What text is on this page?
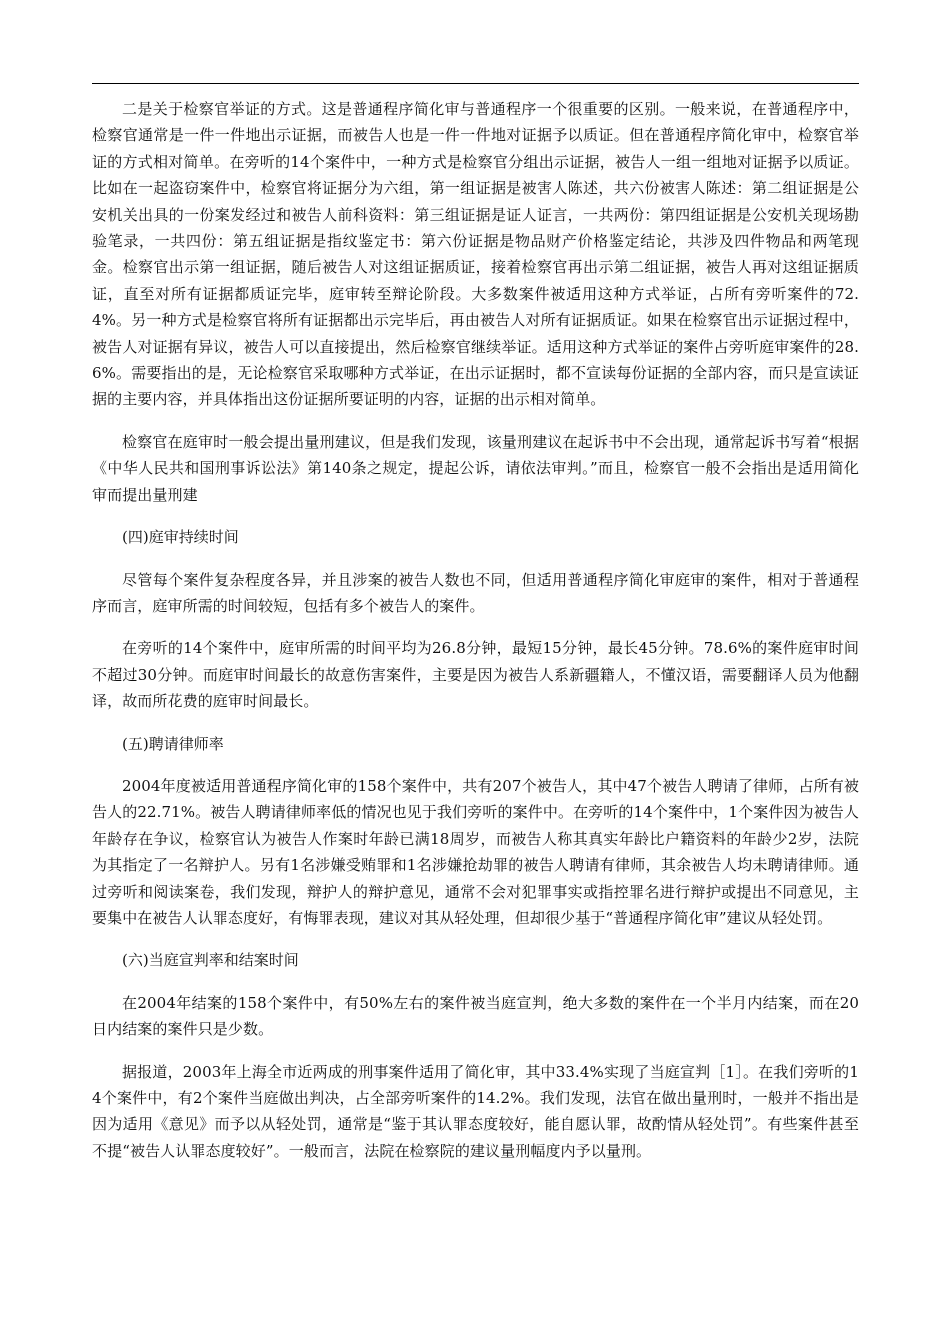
二是关于检察官举证的方式。这是普通程序简化审与普通程序一个很重要的区别。一般来说，在普通程序中，检察官通常是一件一件地出示证据，而被告人也是一件一件地对证据予以质证。但在普通程序简化审中，检察官举证的方式相对简单。在旁听的14个案件中，一种方式是检察官分组出示证据，被告人一组一组地对证据予以质证。比如在一起盗窃案件中，检察官将证据分为六组，第一组证据是被害人陈述，共六份被害人陈述：第二组证据是公安机关出具的一份案发经过和被告人前科资料：第三组证据是证人证言，一共两份：第四组证据是公安机关现场勘验笔录，一共四份：第五组证据是指纹鉴定书：第六份证据是物品财产价格鉴定结论，共涉及四件物品和两笔现金。检察官出示第一组证据，随后被告人对这组证据质证，接着检察官再出示第二组证据，被告人再对这组证据质证，直至对所有证据都质证完毕，庭审转至辩论阶段。大多数案件被适用这种方式举证，占所有旁听案件的72.4%。另一种方式是检察官将所有证据都出示完毕后，再由被告人对所有证据质证。如果在检察官出示证据过程中，被告人对证据有异议，被告人可以直接提出，然后检察官继续举证。适用这种方式举证的案件占旁听庭审案件的28.6%。需要指出的是，无论检察官采取哪种方式举证，在出示证据时，都不宣读每份证据的全部内容，而只是宣读证据的主要内容，并具体指出这份证据所要证明的内容，证据的出示相对简单。

检察官在庭审时一般会提出量刑建议，但是我们发现，该量刑建议在起诉书中不会出现，通常起诉书写着“根据《中华人民共和国刑事诉讼法》第140条之规定，提起公诉，请依法审判。”而且，检察官一般不会指出是适用简化审而提出量刑建

(四)庭审持续时间

尽管每个案件复杂程度各异，并且涉案的被告人数也不同，但适用普通程序简化审庭审的案件，相对于普通程序而言，庭审所需的时间较短，包括有多个被告人的案件。

在旁听的14个案件中，庭审所需的时间平均为26.8分钟，最短15分钟，最长45分钟。78.6%的案件庭审时间不超过30分钟。而庭审时间最长的故意伤害案件，主要是因为被告人系新疆籍人，不懂汉语，需要翻译人员为他翻译，故而所花费的庭审时间最长。

(五)聘请律师率

2004年度被适用普通程序简化审的158个案件中，共有207个被告人，其中47个被告人聘请了律师，占所有被告人的22.71%。被告人聘请律师率低的情况也见于我们旁听的案件中。在旁听的14个案件中，1个案件因为被告人年龄存在争议，检察官认为被告人作案时年龄已满18周岁，而被告人称其真实年龄比户籍资料的年龄少2岁，法院为其指定了一名辩护人。另有1名涉嫌受贿罪和1名涉嫌抢劫罪的被告人聘请有律师，其余被告人均未聘请律师。通过旁听和阅读案卷，我们发现，辩护人的辩护意见，通常不会对犯罪事实或指控罪名进行辩护或提出不同意见，主要集中在被告人认罪态度好，有悔罪表现，建议对其从轻处理，但却很少基于“普通程序简化审”建议从轻处罚。

(六)当庭宣判率和结案时间

在2004年结案的158个案件中，有50%左右的案件被当庭宣判，绝大多数的案件在一个半月内结案，而在20日内结案的案件只是少数。

据报道，2003年上海全市近两成的刑事案件适用了简化审，其中33.4%实现了当庭宣判［1］。在我们旁听的14个案件中，有2个案件当庭做出判决，占全部旁听案件的14.2%。我们发现，法官在做出量刑时，一般并不指出是因为适用《意见》而予以从轻处罚，通常是“鉴于其认罪态度较好，能自愿认罪，故酌情从轻处罚”。有些案件甚至不提“被告人认罪态度较好”。一般而言，法院在检察院的建议量刑幅度内予以量刑。
